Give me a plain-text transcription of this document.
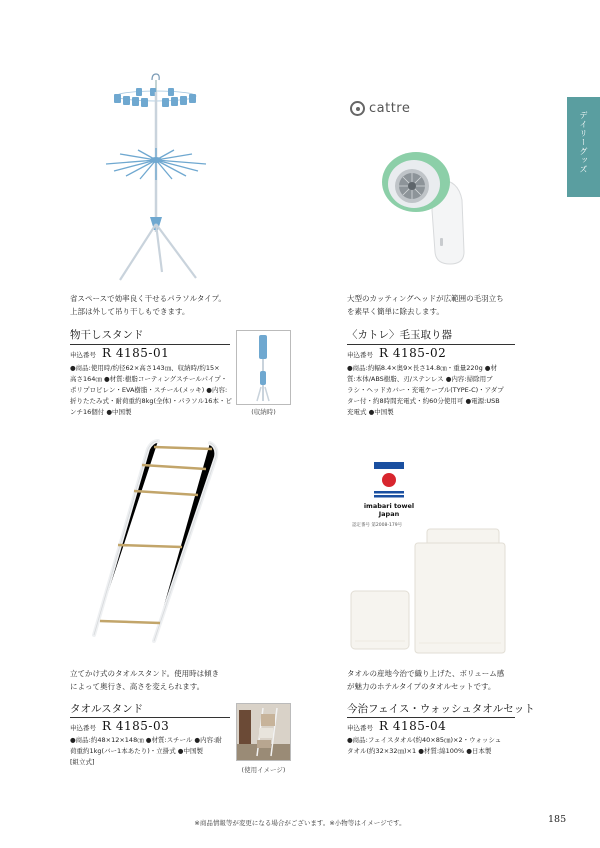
デイリーグッズ
省スペースで効率良く干せるパラソルタイプ。
上部は外して吊り干しもできます。
物干しスタンド
申込番号 R 4185-01
●商品:使用時/約径62×高さ143㎝、収納時/約15×
高さ164㎝ ●材質:樹脂コーティングスチールパイプ・
ポリプロピレン・EVA樹脂・スチール(メッキ) ●内容:
折りたたみ式・耐荷重約8kg(全体)・パラソル16本・ピ
ンチ16個付 ●中国製	(収納時)
cattre
大型のカッティングヘッドが広範囲の毛羽立ち
を素早く簡単に除去します。
〈カトレ〉毛玉取り器
申込番号 R 4185-02
●商品:約幅8.4×奥9×長さ14.8㎝・重量220g ●材
質:本体/ABS樹脂、刃/ステンレス ●内容:掃除用ブ
ラシ・ヘッドカバー・充電ケーブル(TYPE-C)・アダプ
ター付・約8時間充電式・約60分使用可 ●電源:USB
充電式 ●中国製
立てかけ式のタオルスタンド。使用時は傾き
によって奥行き、高さを変えられます。
タオルスタンド
申込番号 R 4185-03
●商品:約48×12×148㎝ ●材質:スチール ●内容:耐
荷重約1kg(バー1本あたり)・立掛式 ●中国製
[組立式]
(使用イメージ)
imabari towel
Japan
認定番号 第2008-179号
タオルの産地今治で織り上げた、ボリューム感
が魅力のホテルタイプのタオルセットです。
今治フェイス・ウォッシュタオルセット
申込番号 R 4185-04
●商品:フェイスタオル(約40×85㎝)×2・ウォッシュ
タオル(約32×32㎝)×1 ●材質:綿100% ●日本製
※商品情報等が変更になる場合がございます。※小物等はイメージです。	185
